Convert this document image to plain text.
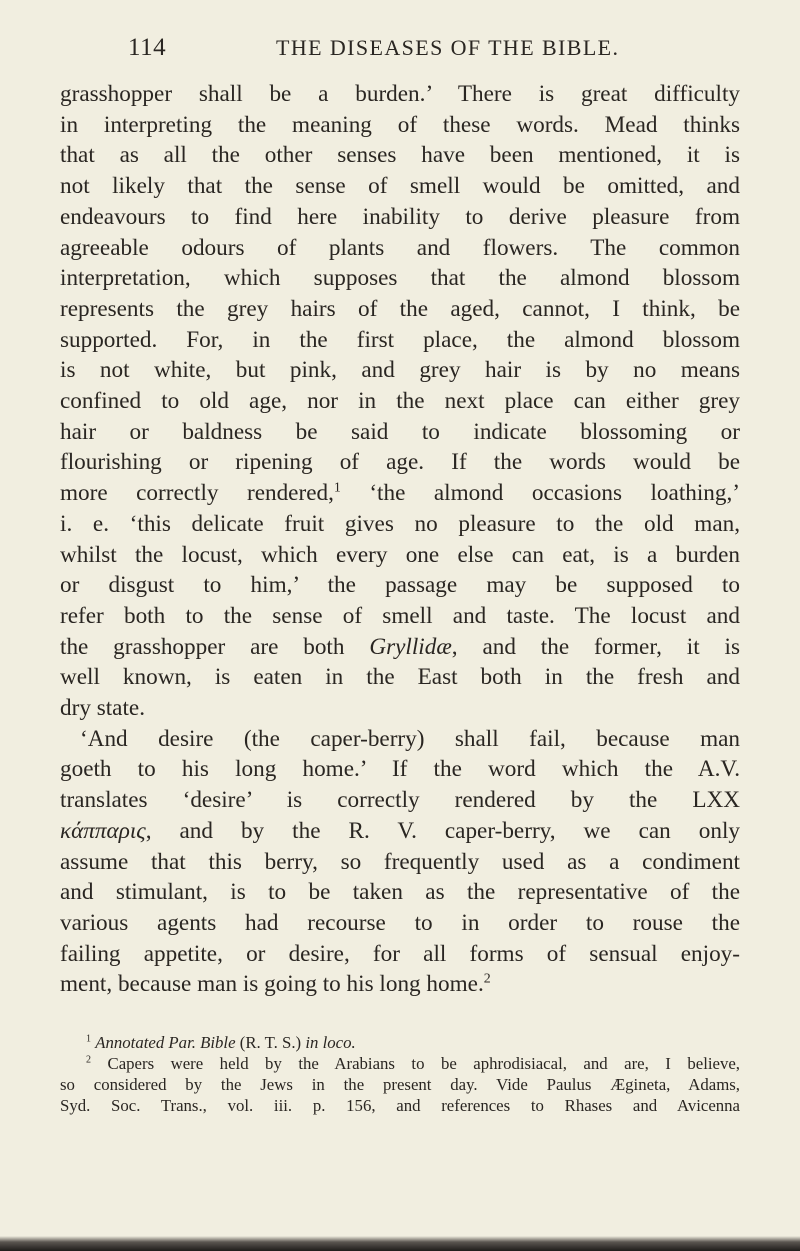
114	THE DISEASES OF THE BIBLE.
grasshopper shall be a burden.’ There is great difficulty
in interpreting the meaning of these words. Mead thinks
that as all the other senses have been mentioned, it is
not likely that the sense of smell would be omitted, and
endeavours to find here inability to derive pleasure from
agreeable odours of plants and flowers. The common
interpretation, which supposes that the almond blossom
represents the grey hairs of the aged, cannot, I think, be
supported. For, in the first place, the almond blossom
is not white, but pink, and grey hair is by no means
confined to old age, nor in the next place can either grey
hair or baldness be said to indicate blossoming or
flourishing or ripening of age. If the words would be
more correctly rendered,$^1$ ‘the almond occasions loathing,’
i. e. ‘this delicate fruit gives no pleasure to the old man,
whilst the locust, which every one else can eat, is a burden
or disgust to him,’ the passage may be supposed to
refer both to the sense of smell and taste. The locust and
the grasshopper are both Gryllidæ, and the former, it is
well known, is eaten in the East both in the fresh and
dry state.
‘And desire (the caper-berry) shall fail, because man
goeth to his long home.’ If the word which the A.V.
translates ‘desire’ is correctly rendered by the LXX
κάππαρις, and by the R. V. caper-berry, we can only
assume that this berry, so frequently used as a condiment
and stimulant, is to be taken as the representative of the
various agents had recourse to in order to rouse the
failing appetite, or desire, for all forms of sensual enjoy-
ment, because man is going to his long home.$^2$
$^1$ Annotated Par. Bible (R. T. S.) in loco.
$^2$ Capers were held by the Arabians to be aphrodisiacal, and are, I believe,
so considered by the Jews in the present day. Vide Paulus Ægineta, Adams,
Syd. Soc. Trans., vol. iii. p. 156, and references to Rhases and Avicenna
